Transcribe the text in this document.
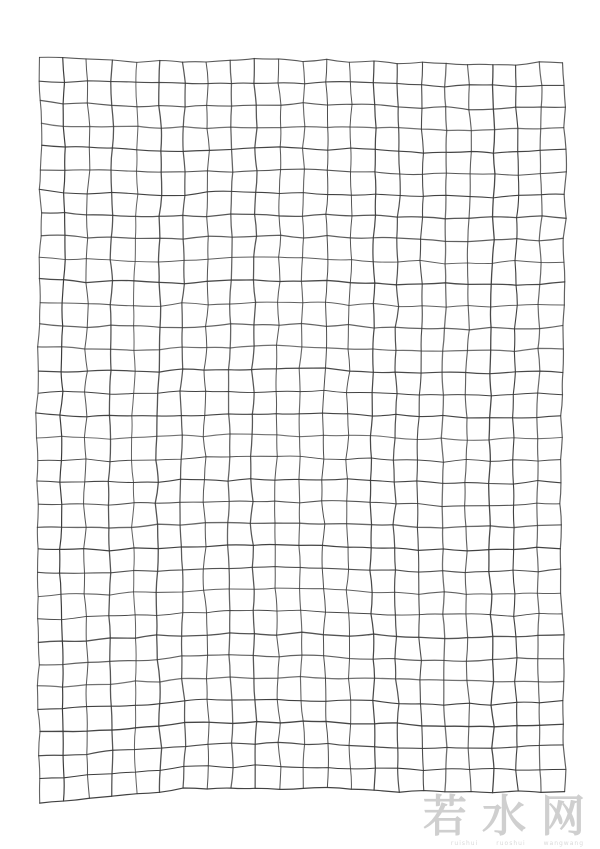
若 水 网
ruishui	ruoshui	wangwang
